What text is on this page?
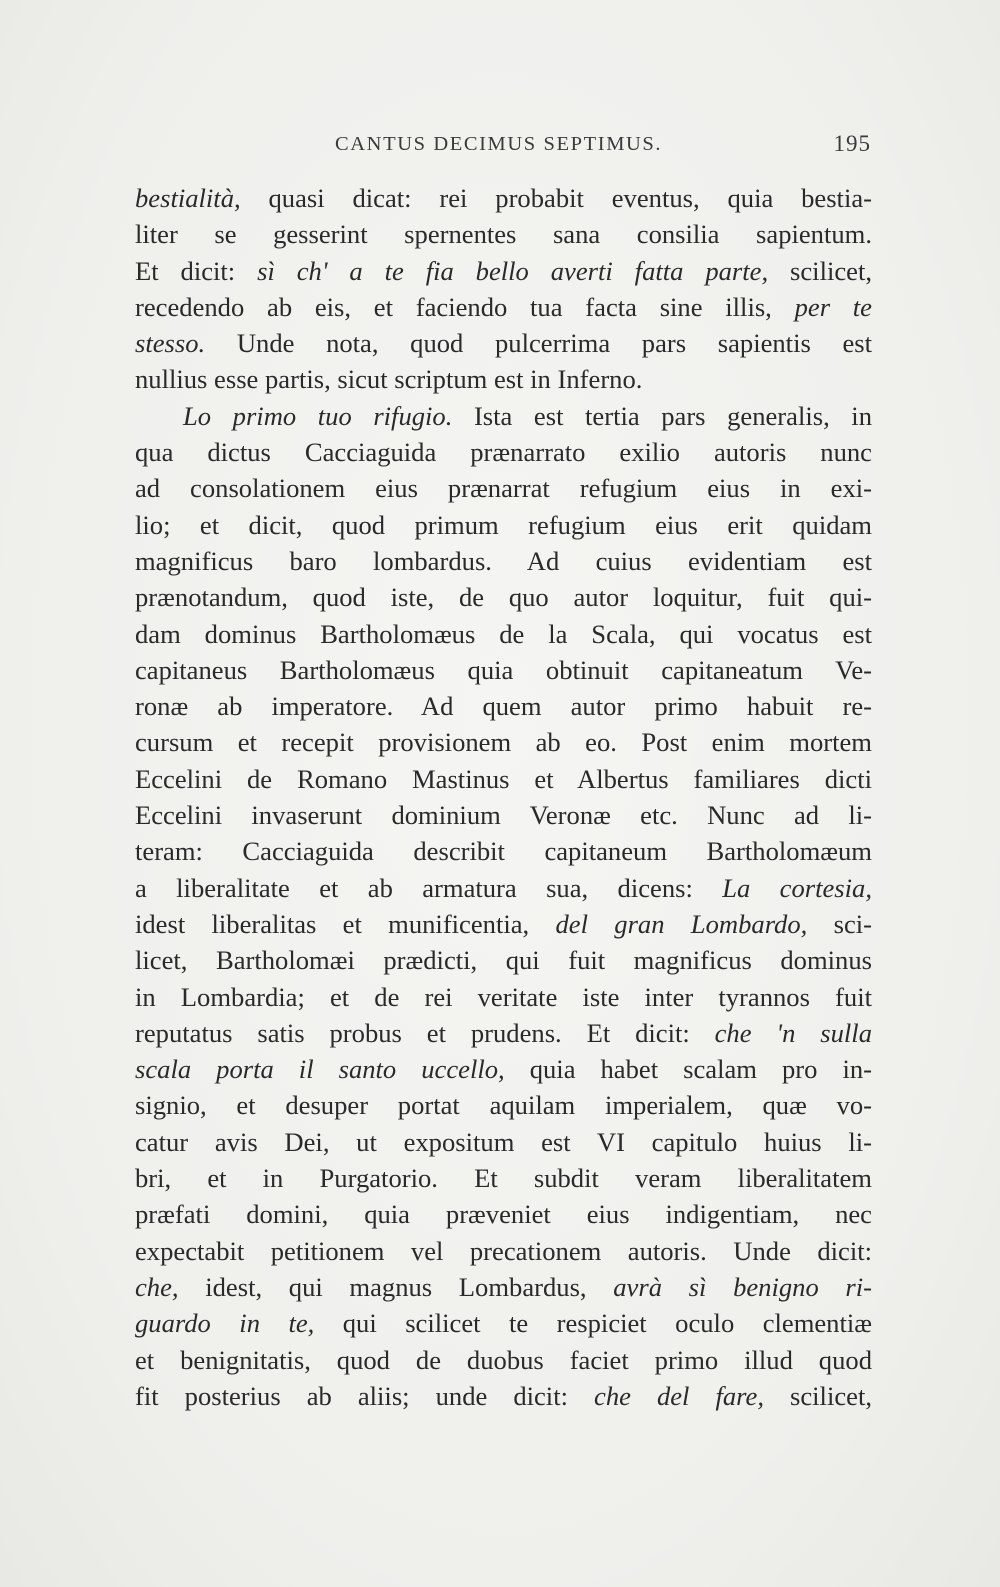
CANTUS DECIMUS SEPTIMUS.	195
bestialità, quasi dicat: rei probabit eventus, quia bestia-
liter se gesserint spernentes sana consilia sapientum.
Et dicit: sì ch' a te fia bello averti fatta parte, scilicet,
recedendo ab eis, et faciendo tua facta sine illis, per te
stesso. Unde nota, quod pulcerrima pars sapientis est
nullius esse partis, sicut scriptum est in Inferno.
Lo primo tuo rifugio. Ista est tertia pars generalis, in
qua dictus Cacciaguida prænarrato exilio autoris nunc
ad consolationem eius prænarrat refugium eius in exi-
lio; et dicit, quod primum refugium eius erit quidam
magnificus baro lombardus. Ad cuius evidentiam est
prænotandum, quod iste, de quo autor loquitur, fuit qui-
dam dominus Bartholomæus de la Scala, qui vocatus est
capitaneus Bartholomæus quia obtinuit capitaneatum Ve-
ronæ ab imperatore. Ad quem autor primo habuit re-
cursum et recepit provisionem ab eo. Post enim mortem
Eccelini de Romano Mastinus et Albertus familiares dicti
Eccelini invaserunt dominium Veronæ etc. Nunc ad li-
teram: Cacciaguida describit capitaneum Bartholomæum
a liberalitate et ab armatura sua, dicens: La cortesia,
idest liberalitas et munificentia, del gran Lombardo, sci-
licet, Bartholomæi prædicti, qui fuit magnificus dominus
in Lombardia; et de rei veritate iste inter tyrannos fuit
reputatus satis probus et prudens. Et dicit: che 'n sulla
scala porta il santo uccello, quia habet scalam pro in-
signio, et desuper portat aquilam imperialem, quæ vo-
catur avis Dei, ut expositum est VI capitulo huius li-
bri, et in Purgatorio. Et subdit veram liberalitatem
præfati domini, quia præveniet eius indigentiam, nec
expectabit petitionem vel precationem autoris. Unde dicit:
che, idest, qui magnus Lombardus, avrà sì benigno ri-
guardo in te, qui scilicet te respiciet oculo clementiæ
et benignitatis, quod de duobus faciet primo illud quod
fit posterius ab aliis; unde dicit: che del fare, scilicet,
